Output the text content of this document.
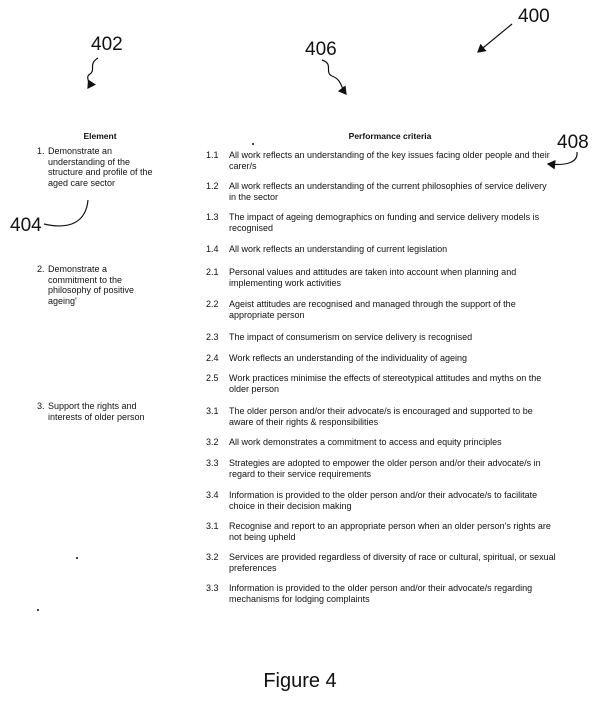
400
402	406
408
404
Element	Performance criteria
1. Demonstrate an understanding of the structure and profile of the aged care sector
2. Demonstrate a commitment to the philosophy of positive ageing'
3. Support the rights and interests of older person
1.1 All work reflects an understanding of the key issues facing older people and their carer/s
1.2 All work reflects an understanding of the current philosophies of service delivery in the sector
1.3 The impact of ageing demographics on funding and service delivery models is recognised
1.4 All work reflects an understanding of current legislation
2.1 Personal values and attitudes are taken into account when planning and implementing work activities
2.2 Ageist attitudes are recognised and managed through the support of the appropriate person
2.3 The impact of consumerism on service delivery is recognised
2.4 Work reflects an understanding of the individuality of ageing
2.5 Work practices minimise the effects of stereotypical attitudes and myths on the older person
3.1 The older person and/or their advocate/s is encouraged and supported to be aware of their rights & responsibilities
3.2 All work demonstrates a commitment to access and equity principles
3.3 Strategies are adopted to empower the older person and/or their advocate/s in regard to their service requirements
3.4 Information is provided to the older person and/or their advocate/s to facilitate choice in their decision making
3.1 Recognise and report to an appropriate person when an older person's rights are not being upheld
3.2 Services are provided regardless of diversity of race or cultural, spiritual, or sexual preferences
3.3 Information is provided to the older person and/or their advocate/s regarding mechanisms for lodging complaints
Figure 4
